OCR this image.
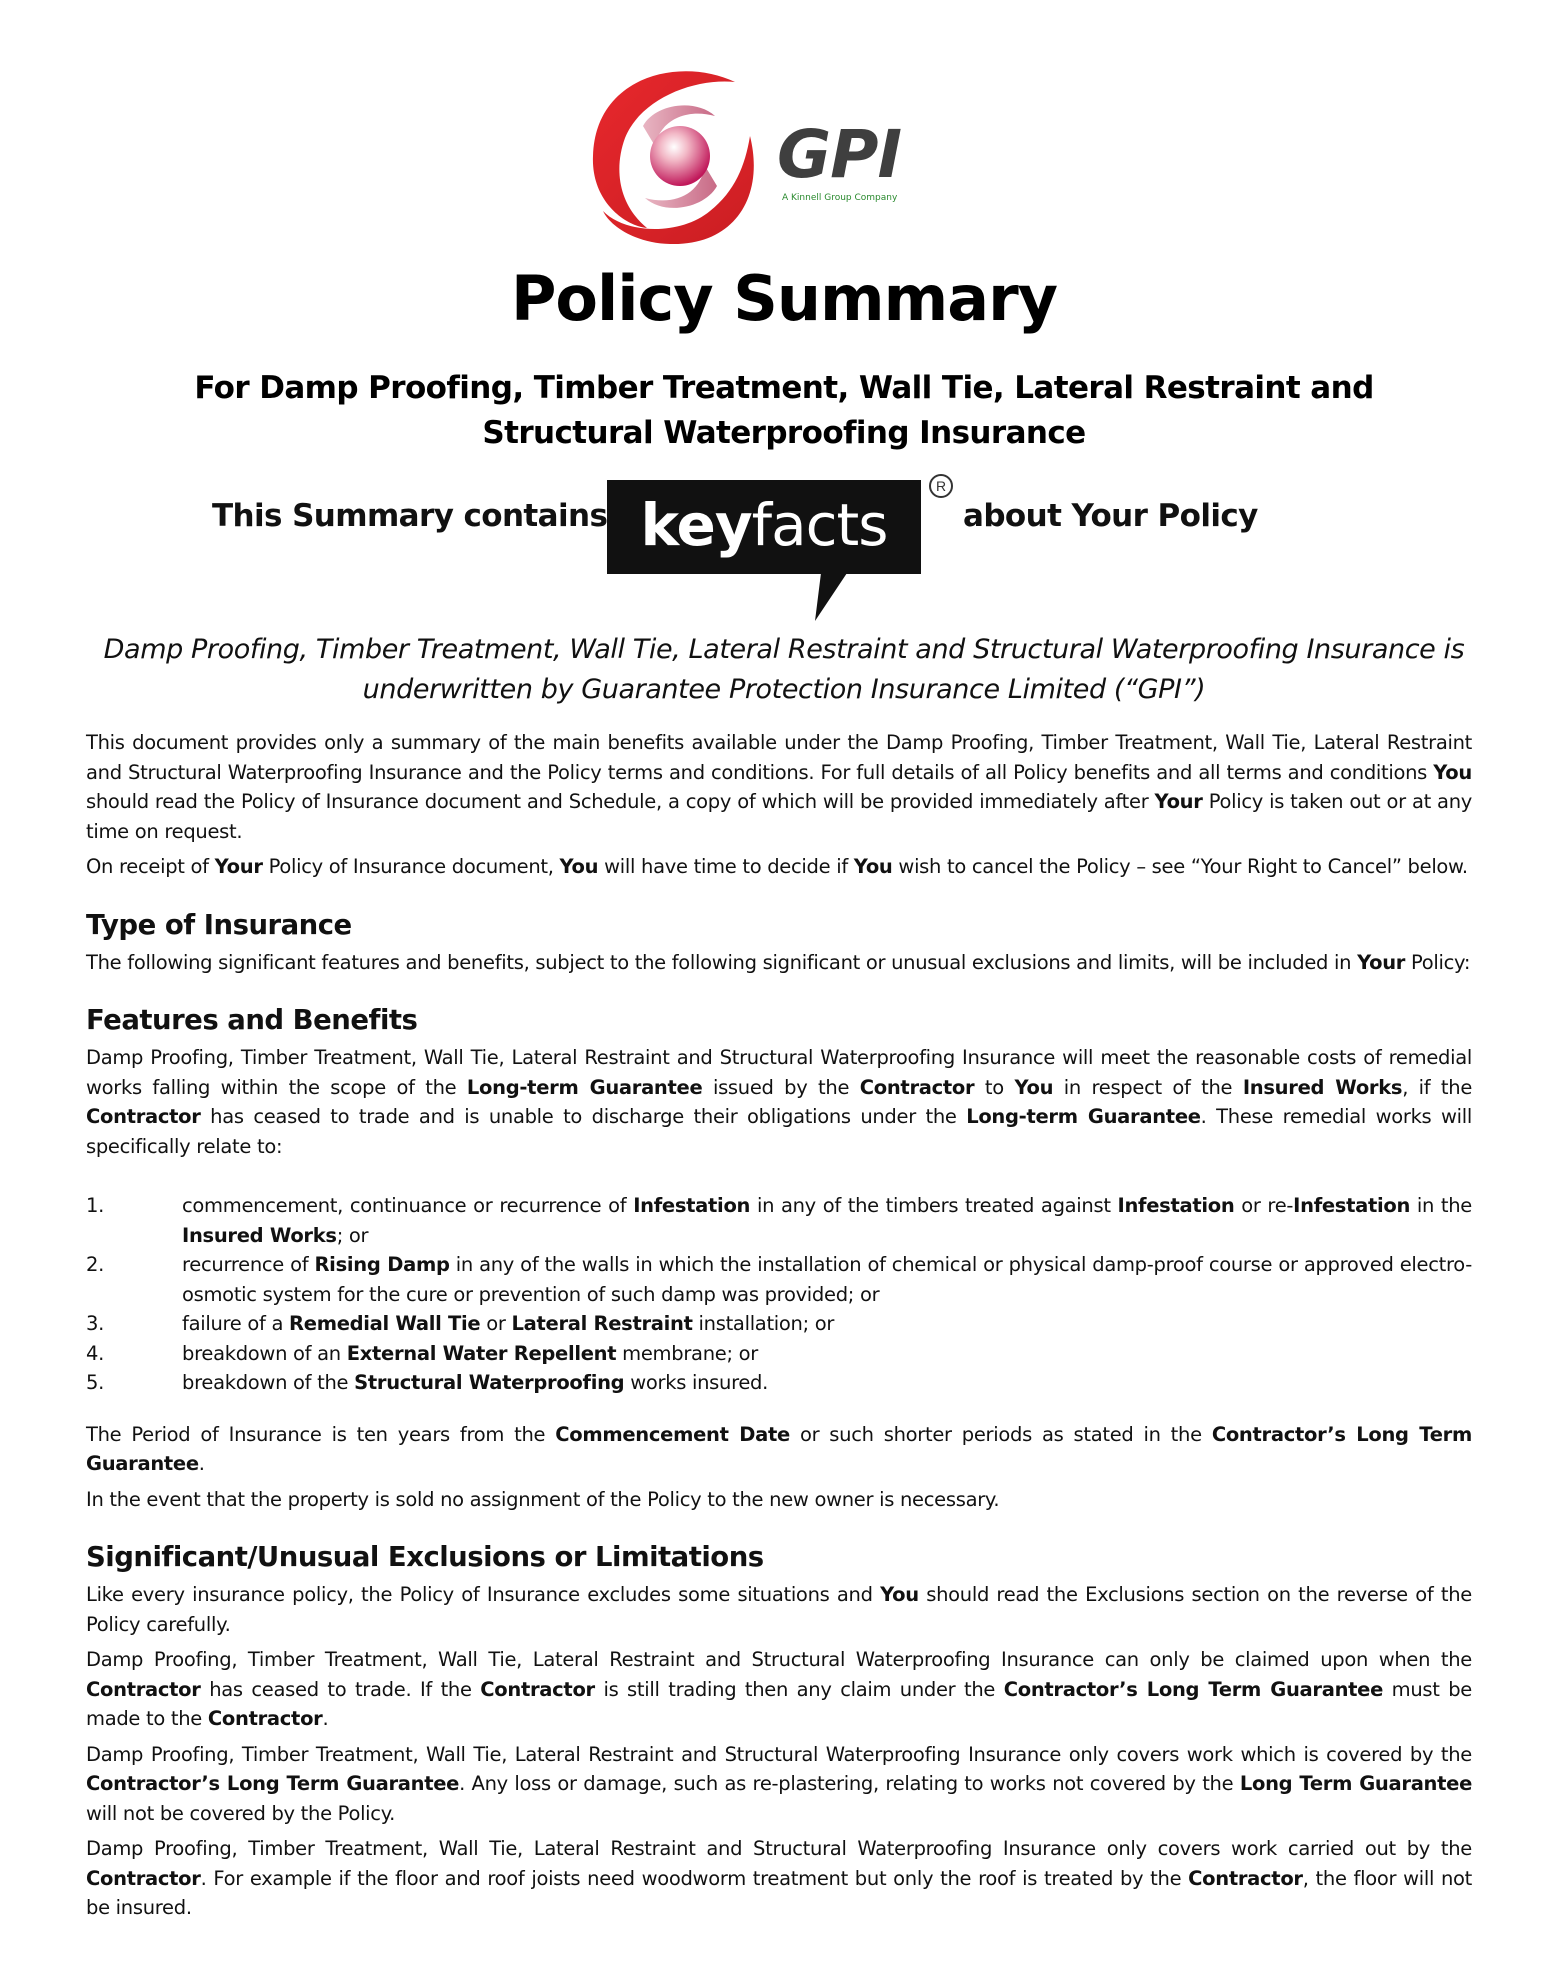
GPI
A Kinnell Group Company
Policy Summary
For Damp Proofing, Timber Treatment, Wall Tie, Lateral Restraint and Structural Waterproofing Insurance
This Summary contains keyfacts
R
about Your Policy
Damp Proofing, Timber Treatment, Wall Tie, Lateral Restraint and Structural Waterproofing Insurance is underwritten by Guarantee Protection Insurance Limited (“GPI”)
This document provides only a summary of the main benefits available under the Damp Proofing, Timber Treatment, Wall Tie, Lateral Restraint and Structural Waterproofing Insurance and the Policy terms and conditions. For full details of all Policy benefits and all terms and conditions You should read the Policy of Insurance document and Schedule, a copy of which will be provided immediately after Your Policy is taken out or at any time on request.
On receipt of Your Policy of Insurance document, You will have time to decide if You wish to cancel the Policy – see “Your Right to Cancel” below.
Type of Insurance
The following significant features and benefits, subject to the following significant or unusual exclusions and limits, will be included in Your Policy:
Features and Benefits
Damp Proofing, Timber Treatment, Wall Tie, Lateral Restraint and Structural Waterproofing Insurance will meet the reasonable costs of remedial works falling within the scope of the Long-term Guarantee issued by the Contractor to You in respect of the Insured Works, if the Contractor has ceased to trade and is unable to discharge their obligations under the Long-term Guarantee. These remedial works will specifically relate to:
1.	commencement, continuance or recurrence of Infestation in any of the timbers treated against Infestation or re-Infestation in the Insured Works; or
2.	recurrence of Rising Damp in any of the walls in which the installation of chemical or physical damp-proof course or approved electro-osmotic system for the cure or prevention of such damp was provided; or
3.	failure of a Remedial Wall Tie or Lateral Restraint installation; or
4.	breakdown of an External Water Repellent membrane; or
5.	breakdown of the Structural Waterproofing works insured.
The Period of Insurance is ten years from the Commencement Date or such shorter periods as stated in the Contractor’s Long Term Guarantee.
In the event that the property is sold no assignment of the Policy to the new owner is necessary.
Significant/Unusual Exclusions or Limitations
Like every insurance policy, the Policy of Insurance excludes some situations and You should read the Exclusions section on the reverse of the Policy carefully.
Damp Proofing, Timber Treatment, Wall Tie, Lateral Restraint and Structural Waterproofing Insurance can only be claimed upon when the Contractor has ceased to trade. If the Contractor is still trading then any claim under the Contractor’s Long Term Guarantee must be made to the Contractor.
Damp Proofing, Timber Treatment, Wall Tie, Lateral Restraint and Structural Waterproofing Insurance only covers work which is covered by the Contractor’s Long Term Guarantee. Any loss or damage, such as re-plastering, relating to works not covered by the Long Term Guarantee will not be covered by the Policy.
Damp Proofing, Timber Treatment, Wall Tie, Lateral Restraint and Structural Waterproofing Insurance only covers work carried out by the Contractor. For example if the floor and roof joists need woodworm treatment but only the roof is treated by the Contractor, the floor will not be insured.
